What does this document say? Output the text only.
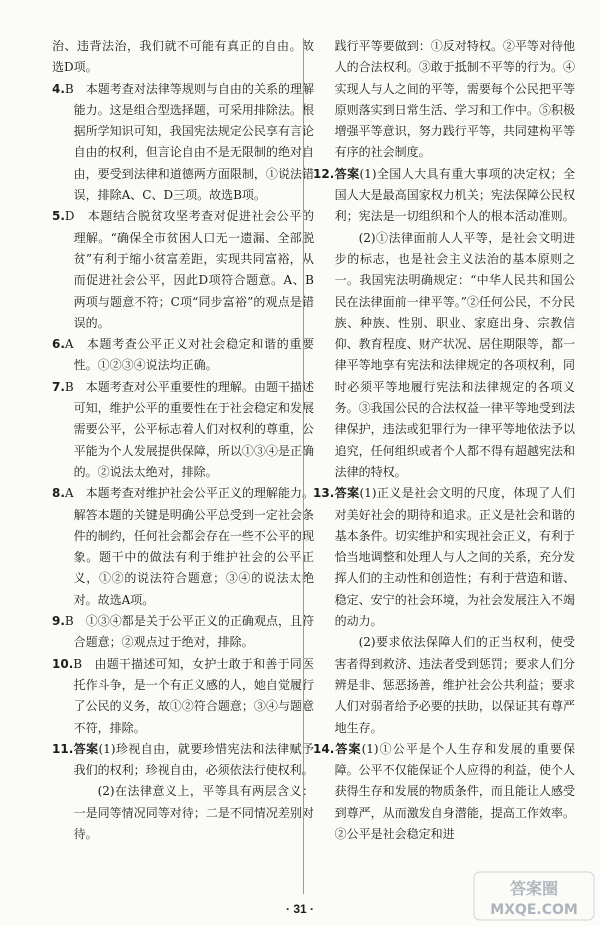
治、违背法治，我们就不可能有真正的自由。故选D项。
4.B　本题考查对法律等规则与自由的关系的理解能力。这是组合型选择题，可采用排除法。根据所学知识可知，我国宪法规定公民享有言论自由的权利，但言论自由不是无限制的绝对自由，要受到法律和道德两方面限制，①说法错误，排除A、C、D三项。故选B项。
5.D　本题结合脱贫攻坚考查对促进社会公平的理解。“确保全市贫困人口无一遗漏、全部脱贫”有利于缩小贫富差距，实现共同富裕，从而促进社会公平，因此D项符合题意。A、B两项与题意不符；C项“同步富裕”的观点是错误的。
6.A　本题考查公平正义对社会稳定和谐的重要性。①②③④说法均正确。
7.B　本题考查对公平重要性的理解。由题干描述可知，维护公平的重要性在于社会稳定和发展需要公平，公平标志着人们对权利的尊重，公平能为个人发展提供保障，所以①③④是正确的。②说法太绝对，排除。
8.A　本题考查对维护社会公平正义的理解能力。解答本题的关键是明确公平总受到一定社会条件的制约，任何社会都会存在一些不公平的现象。题干中的做法有利于维护社会的公平正义，①②的说法符合题意；③④的说法太绝对。故选A项。
9.B　①③④都是关于公平正义的正确观点，且符合题意；②观点过于绝对，排除。
10.B　由题干描述可知，女护士敢于和善于同医托作斗争，是一个有正义感的人，她自觉履行了公民的义务，故①②符合题意；③④与题意不符，排除。
11.答案(1)珍视自由，就要珍惜宪法和法律赋予我们的权利；珍视自由，必须依法行使权利。
(2)在法律意义上，平等具有两层含义：一是同等情况同等对待；二是不同情况差别对待。
践行平等要做到：①反对特权。②平等对待他人的合法权利。③敢于抵制不平等的行为。④实现人与人之间的平等，需要每个公民把平等原则落实到日常生活、学习和工作中。⑤积极增强平等意识，努力践行平等，共同建构平等有序的社会制度。
12.答案(1)全国人大具有重大事项的决定权；全国人大是最高国家权力机关；宪法保障公民权利；宪法是一切组织和个人的根本活动准则。
(2)①法律面前人人平等，是社会文明进步的标志，也是社会主义法治的基本原则之一。我国宪法明确规定：“中华人民共和国公民在法律面前一律平等。”②任何公民，不分民族、种族、性别、职业、家庭出身、宗教信仰、教育程度、财产状况、居住期限等，都一律平等地享有宪法和法律规定的各项权利，同时必须平等地履行宪法和法律规定的各项义务。③我国公民的合法权益一律平等地受到法律保护，违法或犯罪行为一律平等地依法予以追究，任何组织或者个人都不得有超越宪法和法律的特权。
13.答案(1)正义是社会文明的尺度，体现了人们对美好社会的期待和追求。正义是社会和谐的基本条件。切实维护和实现社会正义，有利于恰当地调整和处理人与人之间的关系，充分发挥人们的主动性和创造性；有利于营造和谐、稳定、安宁的社会环境，为社会发展注入不竭的动力。
(2)要求依法保障人们的正当权利，使受害者得到救济、违法者受到惩罚；要求人们分辨是非、惩恶扬善，维护社会公共利益；要求人们对弱者给予必要的扶助，以保证其有尊严地生存。
14.答案(1)①公平是个人生存和发展的重要保障。公平不仅能保证个人应得的利益，使个人获得生存和发展的物质条件，而且能让人感受到尊严，从而激发自身潜能，提高工作效率。②公平是社会稳定和进
· 31 ·
答案圈
MXQE.COM
